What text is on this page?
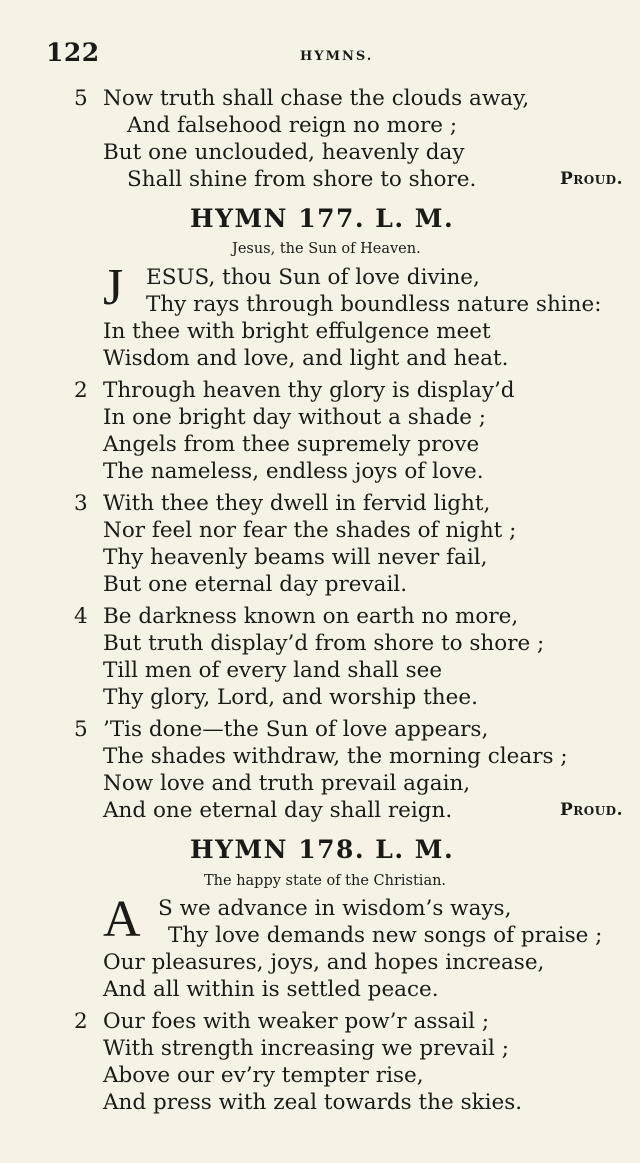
122	HYMNS.
5 Now truth shall chase the clouds away,
And falsehood reign no more ;
But one unclouded, heavenly day
Shall shine from shore to shore.	Proud.
HYMN 177. L. M.
Jesus, the Sun of Heaven.
J ESUS, thou Sun of love divine,
Thy rays through boundless nature shine:
In thee with bright effulgence meet
Wisdom and love, and light and heat.
2 Through heaven thy glory is display’d
In one bright day without a shade ;
Angels from thee supremely prove
The nameless, endless joys of love.
3 With thee they dwell in fervid light,
Nor feel nor fear the shades of night ;
Thy heavenly beams will never fail,
But one eternal day prevail.
4 Be darkness known on earth no more,
But truth display’d from shore to shore ;
Till men of every land shall see
Thy glory, Lord, and worship thee.
5 ’Tis done—the Sun of love appears,
The shades withdraw, the morning clears ;
Now love and truth prevail again,
And one eternal day shall reign.	Proud.
HYMN 178. L. M.
The happy state of the Christian.
A S we advance in wisdom’s ways,
Thy love demands new songs of praise ;
Our pleasures, joys, and hopes increase,
And all within is settled peace.
2 Our foes with weaker pow’r assail ;
With strength increasing we prevail ;
Above our ev’ry tempter rise,
And press with zeal towards the skies.
